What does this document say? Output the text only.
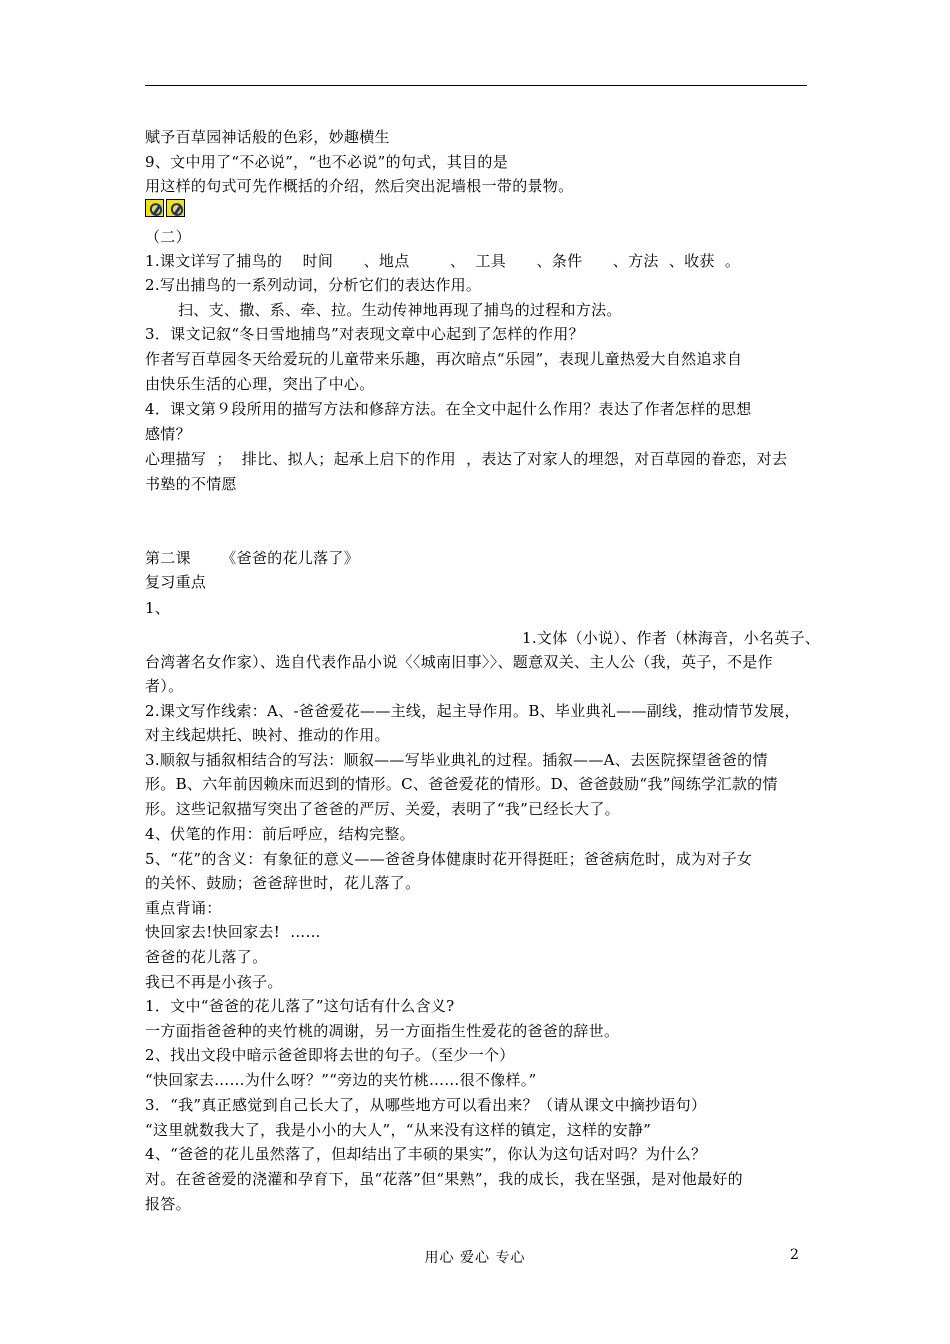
赋予百草园神话般的色彩，妙趣横生
9、文中用了“不必说”，“也不必说”的句式，其目的是
用这样的句式可先作概括的介绍，然后突出泥墙根一带的景物。
（二）
1.课文详写了捕鸟的    时间      、地点        、  工具      、条件      、方法  、收获  。
2.写出捕鸟的一系列动词，分析它们的表达作用。
扫、支、撒、系、牵、拉。生动传神地再现了捕鸟的过程和方法。
3．课文记叙“冬日雪地捕鸟”对表现文章中心起到了怎样的作用？
作者写百草园冬天给爱玩的儿童带来乐趣，再次暗点“乐园”，表现儿童热爱大自然追求自
由快乐生活的心理，突出了中心。
4．课文第９段所用的描写方法和修辞方法。在全文中起什么作用？表达了作者怎样的思想
感情？
心理描写  ；  排比、拟人；起承上启下的作用  ，表达了对家人的埋怨，对百草园的眷恋，对去
书塾的不情愿
第二课      《爸爸的花儿落了》
复习重点
1、
1.文体（小说）、作者（林海音，小名英子、
台湾著名女作家）、选自代表作品小说〈〈城南旧事〉〉、题意双关、主人公（我，英子，不是作
者）。
2.课文写作线索：A、-爸爸爱花——主线，起主导作用。B、毕业典礼——副线，推动情节发展，
对主线起烘托、映衬、推动的作用。
3.顺叙与插叙相结合的写法：顺叙——写毕业典礼的过程。插叙——A、去医院探望爸爸的情
形。B、六年前因赖床而迟到的情形。C、爸爸爱花的情形。D、爸爸鼓励“我”闯练学汇款的情
形。这些记叙描写突出了爸爸的严厉、关爱，表明了“我”已经长大了。
4、伏笔的作用：前后呼应，结构完整。
5、“花”的含义：有象征的意义——爸爸身体健康时花开得挺旺；爸爸病危时，成为对子女
的关怀、鼓励；爸爸辞世时，花儿落了。
重点背诵：
快回家去!快回家去!  ……
爸爸的花儿落了。
我已不再是小孩子。
1．文中“爸爸的花儿落了”这句话有什么含义?
一方面指爸爸种的夹竹桃的凋谢，另一方面指生性爱花的爸爸的辞世。
2、找出文段中暗示爸爸即将去世的句子。（至少一个）
“快回家去……为什么呀？”“旁边的夹竹桃……很不像样。”
3．“我”真正感觉到自己长大了，从哪些地方可以看出来？（请从课文中摘抄语句）
“这里就数我大了，我是小小的大人”，“从来没有这样的镇定，这样的安静”
4、“爸爸的花儿虽然落了，但却结出了丰硕的果实”，你认为这句话对吗？为什么？
对。在爸爸爱的浇灌和孕育下，虽“花落”但“果熟”，我的成长，我在坚强，是对他最好的
报答。
用心 爱心 专心	2
